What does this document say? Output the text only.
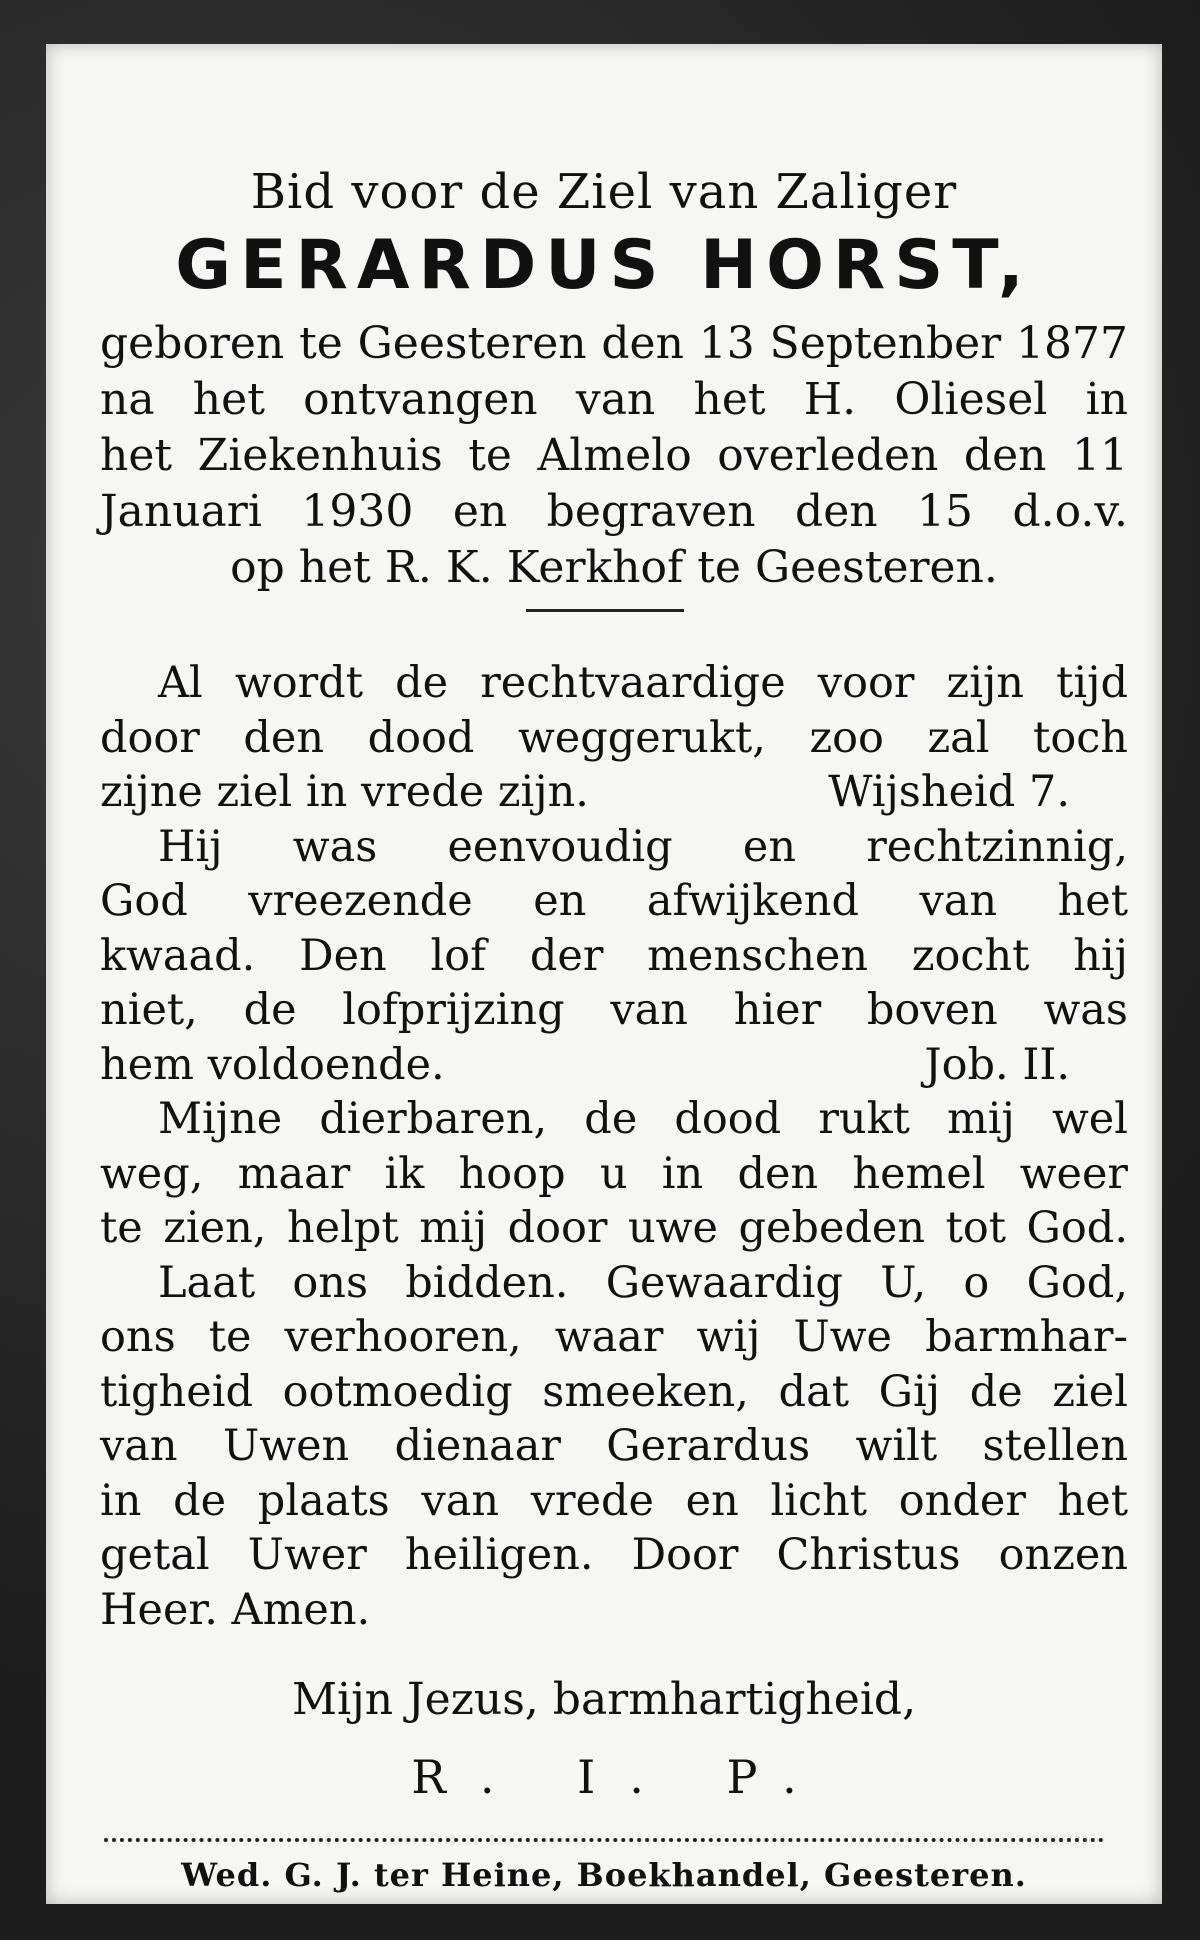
Bid voor de Ziel van Zaliger
GERARDUS HORST,
geboren te Geesteren den 13 Septenber 1877
na het ontvangen van het H. Oliesel in
het Ziekenhuis te Almelo overleden den 11
Januari 1930 en begraven den 15 d.o.v.
op het R. K. Kerkhof te Geesteren.
Al wordt de rechtvaardige voor zijn tijd
door den dood weggerukt, zoo zal toch
zijne ziel in vrede zijn.	Wijsheid 7.
Hij was eenvoudig en rechtzinnig,
God vreezende en afwijkend van het
kwaad. Den lof der menschen zocht hij
niet, de lofprijzing van hier boven was
hem voldoende.	Job. II.
Mijne dierbaren, de dood rukt mij wel
weg, maar ik hoop u in den hemel weer
te zien, helpt mij door uwe gebeden tot God.
Laat ons bidden. Gewaardig U, o God,
ons te verhooren, waar wij Uwe barmhar-
tigheid ootmoedig smeeken, dat Gij de ziel
van Uwen dienaar Gerardus wilt stellen
in de plaats van vrede en licht onder het
getal Uwer heiligen. Door Christus onzen
Heer. Amen.
Mijn Jezus, barmhartigheid,
R. I. P.
Wed. G. J. ter Heine, Boekhandel, Geesteren.
